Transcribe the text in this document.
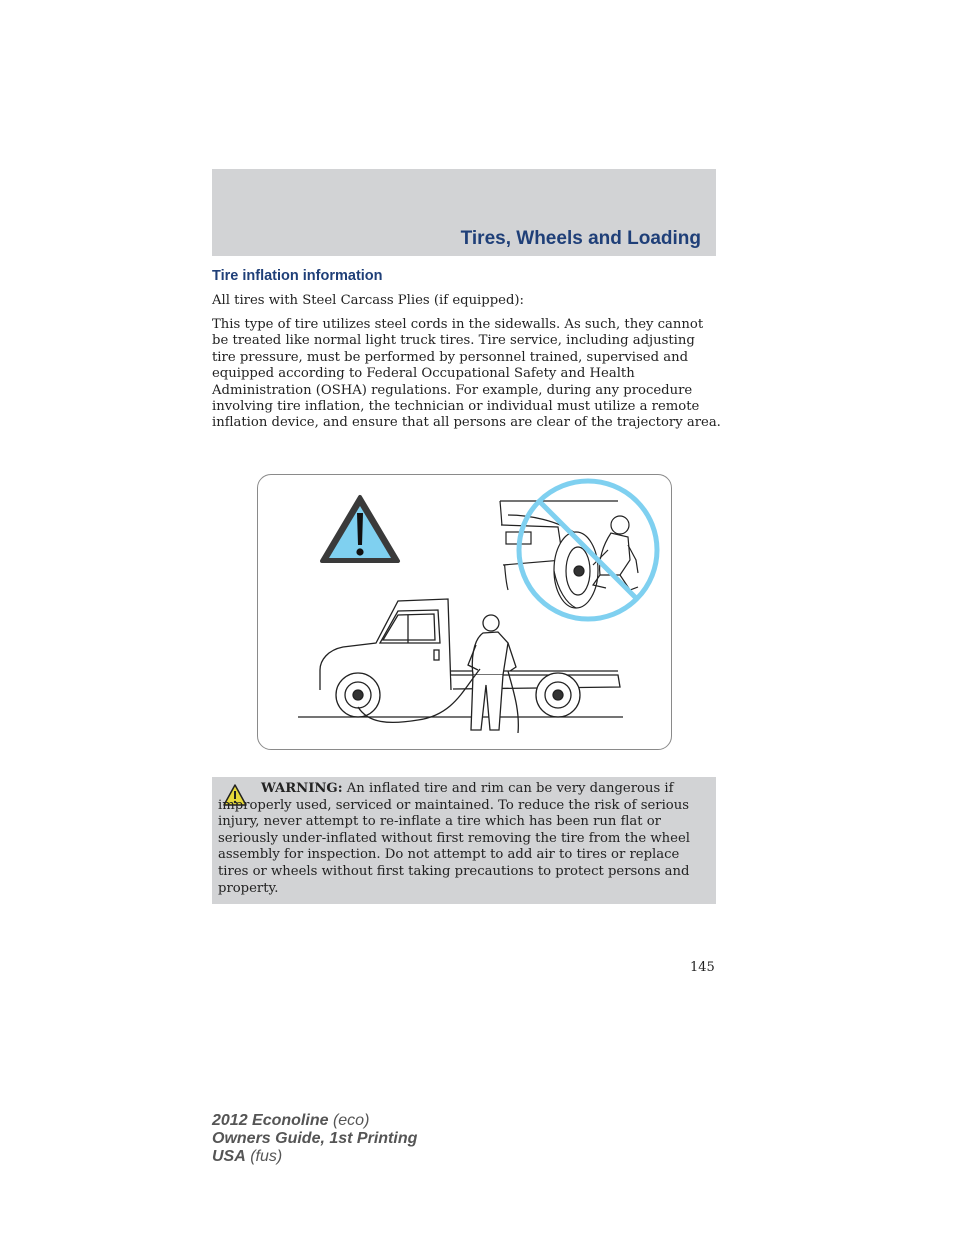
Tires, Wheels and Loading
Tire inflation information
All tires with Steel Carcass Plies (if equipped):
This type of tire utilizes steel cords in the sidewalls. As such, they cannot be treated like normal light truck tires. Tire service, including adjusting tire pressure, must be performed by personnel trained, supervised and equipped according to Federal Occupational Safety and Health Administration (OSHA) regulations. For example, during any procedure involving tire inflation, the technician or individual must utilize a remote inflation device, and ensure that all persons are clear of the trajectory area.
WARNING: An inflated tire and rim can be very dangerous if improperly used, serviced or maintained. To reduce the risk of serious injury, never attempt to re-inflate a tire which has been run flat or seriously under-inflated without first removing the tire from the wheel assembly for inspection. Do not attempt to add air to tires or replace tires or wheels without first taking precautions to protect persons and property.
145
2012 Econoline (eco)
Owners Guide, 1st Printing
USA (fus)
